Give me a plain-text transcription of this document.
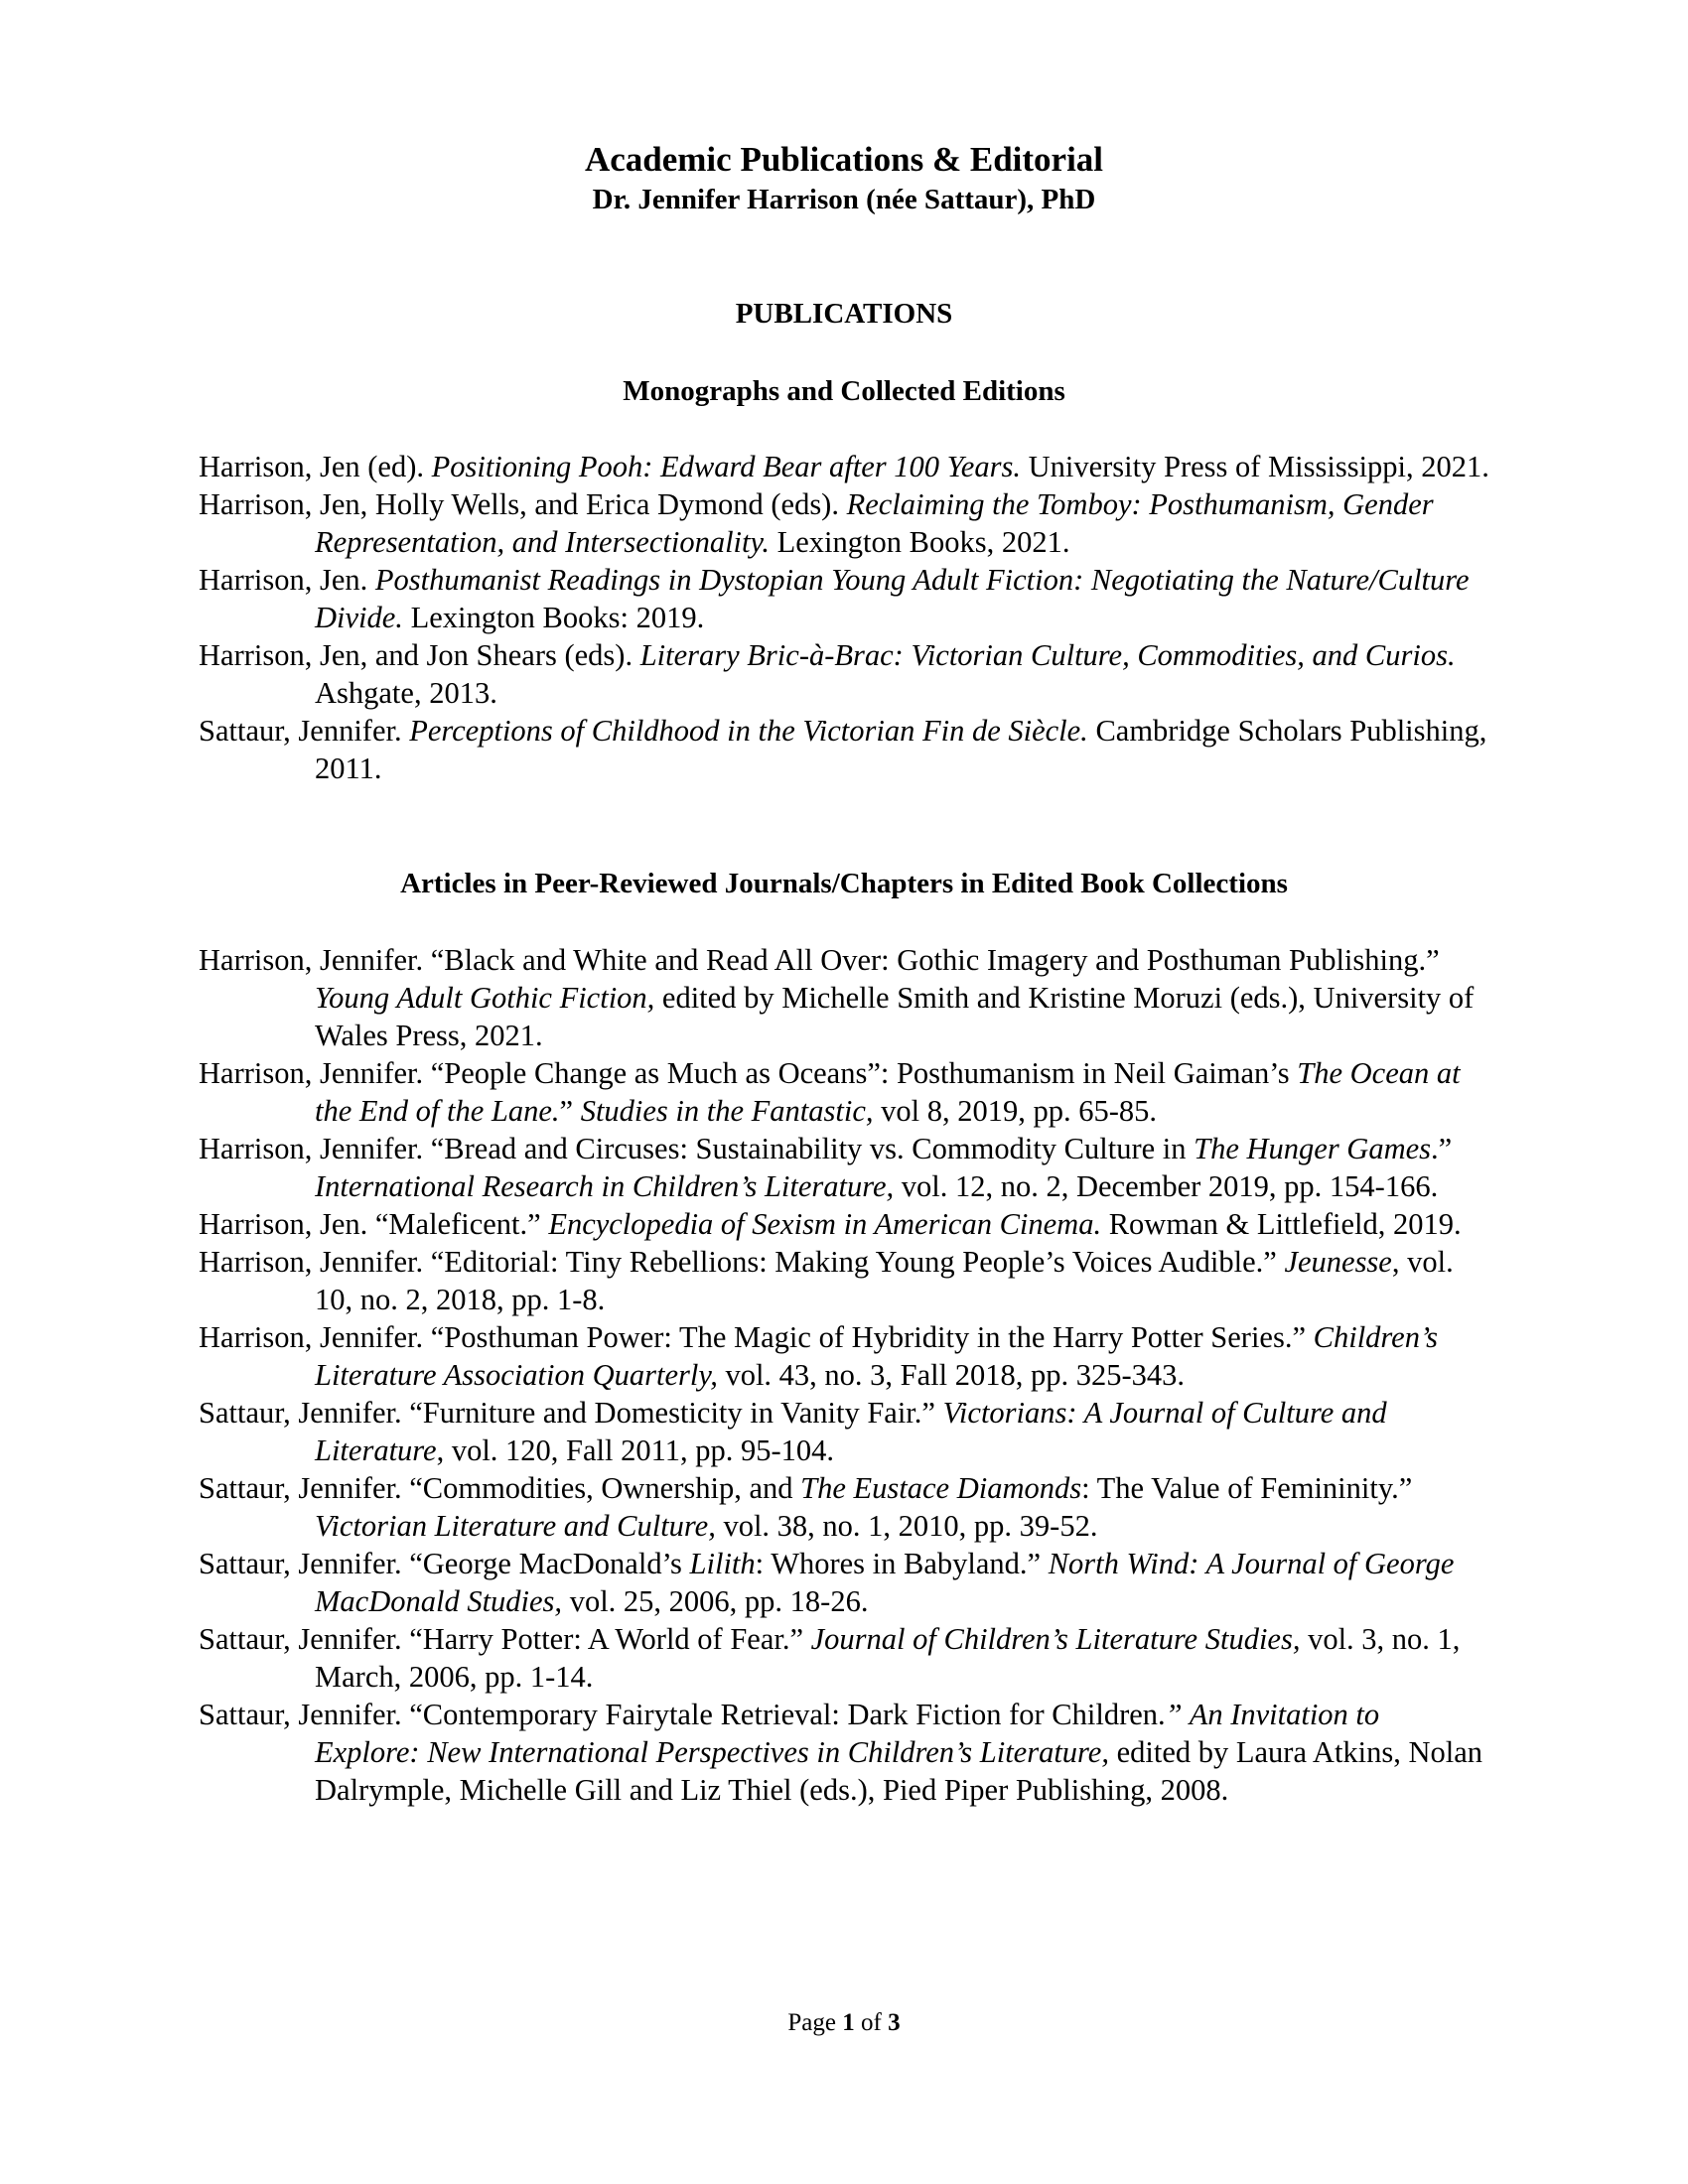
Academic Publications & Editorial
Dr. Jennifer Harrison (née Sattaur), PhD
PUBLICATIONS
Monographs and Collected Editions

Harrison, Jen (ed). Positioning Pooh: Edward Bear after 100 Years. University Press of Mississippi, 2021.

Harrison, Jen, Holly Wells, and Erica Dymond (eds). Reclaiming the Tomboy: Posthumanism, Gender Representation, and Intersectionality. Lexington Books, 2021.

Harrison, Jen. Posthumanist Readings in Dystopian Young Adult Fiction: Negotiating the Nature/Culture Divide. Lexington Books: 2019.

Harrison, Jen, and Jon Shears (eds). Literary Bric-à-Brac: Victorian Culture, Commodities, and Curios. Ashgate, 2013.

Sattaur, Jennifer. Perceptions of Childhood in the Victorian Fin de Siècle. Cambridge Scholars Publishing, 2011.

Articles in Peer-Reviewed Journals/Chapters in Edited Book Collections

Harrison, Jennifer. “Black and White and Read All Over: Gothic Imagery and Posthuman Publishing.” Young Adult Gothic Fiction, edited by Michelle Smith and Kristine Moruzi (eds.), University of Wales Press, 2021.

Harrison, Jennifer. “People Change as Much as Oceans”: Posthumanism in Neil Gaiman’s The Ocean at the End of the Lane.” Studies in the Fantastic, vol 8, 2019, pp. 65-85.

Harrison, Jennifer. “Bread and Circuses: Sustainability vs. Commodity Culture in The Hunger Games.” International Research in Children’s Literature, vol. 12, no. 2, December 2019, pp. 154-166.

Harrison, Jen. “Maleficent.” Encyclopedia of Sexism in American Cinema. Rowman & Littlefield, 2019.

Harrison, Jennifer. “Editorial: Tiny Rebellions: Making Young People’s Voices Audible.” Jeunesse, vol. 10, no. 2, 2018, pp. 1-8.

Harrison, Jennifer. “Posthuman Power: The Magic of Hybridity in the Harry Potter Series.” Children’s Literature Association Quarterly, vol. 43, no. 3, Fall 2018, pp. 325-343.

Sattaur, Jennifer. “Furniture and Domesticity in Vanity Fair.” Victorians: A Journal of Culture and Literature, vol. 120, Fall 2011, pp. 95-104.

Sattaur, Jennifer. “Commodities, Ownership, and The Eustace Diamonds: The Value of Femininity.” Victorian Literature and Culture, vol. 38, no. 1, 2010, pp. 39-52.

Sattaur, Jennifer. “George MacDonald’s Lilith: Whores in Babyland.” North Wind: A Journal of George MacDonald Studies, vol. 25, 2006, pp. 18-26.

Sattaur, Jennifer. “Harry Potter: A World of Fear.” Journal of Children’s Literature Studies, vol. 3, no. 1, March, 2006, pp. 1-14.

Sattaur, Jennifer. “Contemporary Fairytale Retrieval: Dark Fiction for Children.” An Invitation to Explore: New International Perspectives in Children’s Literature, edited by Laura Atkins, Nolan Dalrymple, Michelle Gill and Liz Thiel (eds.), Pied Piper Publishing, 2008.

Page 1 of 3
